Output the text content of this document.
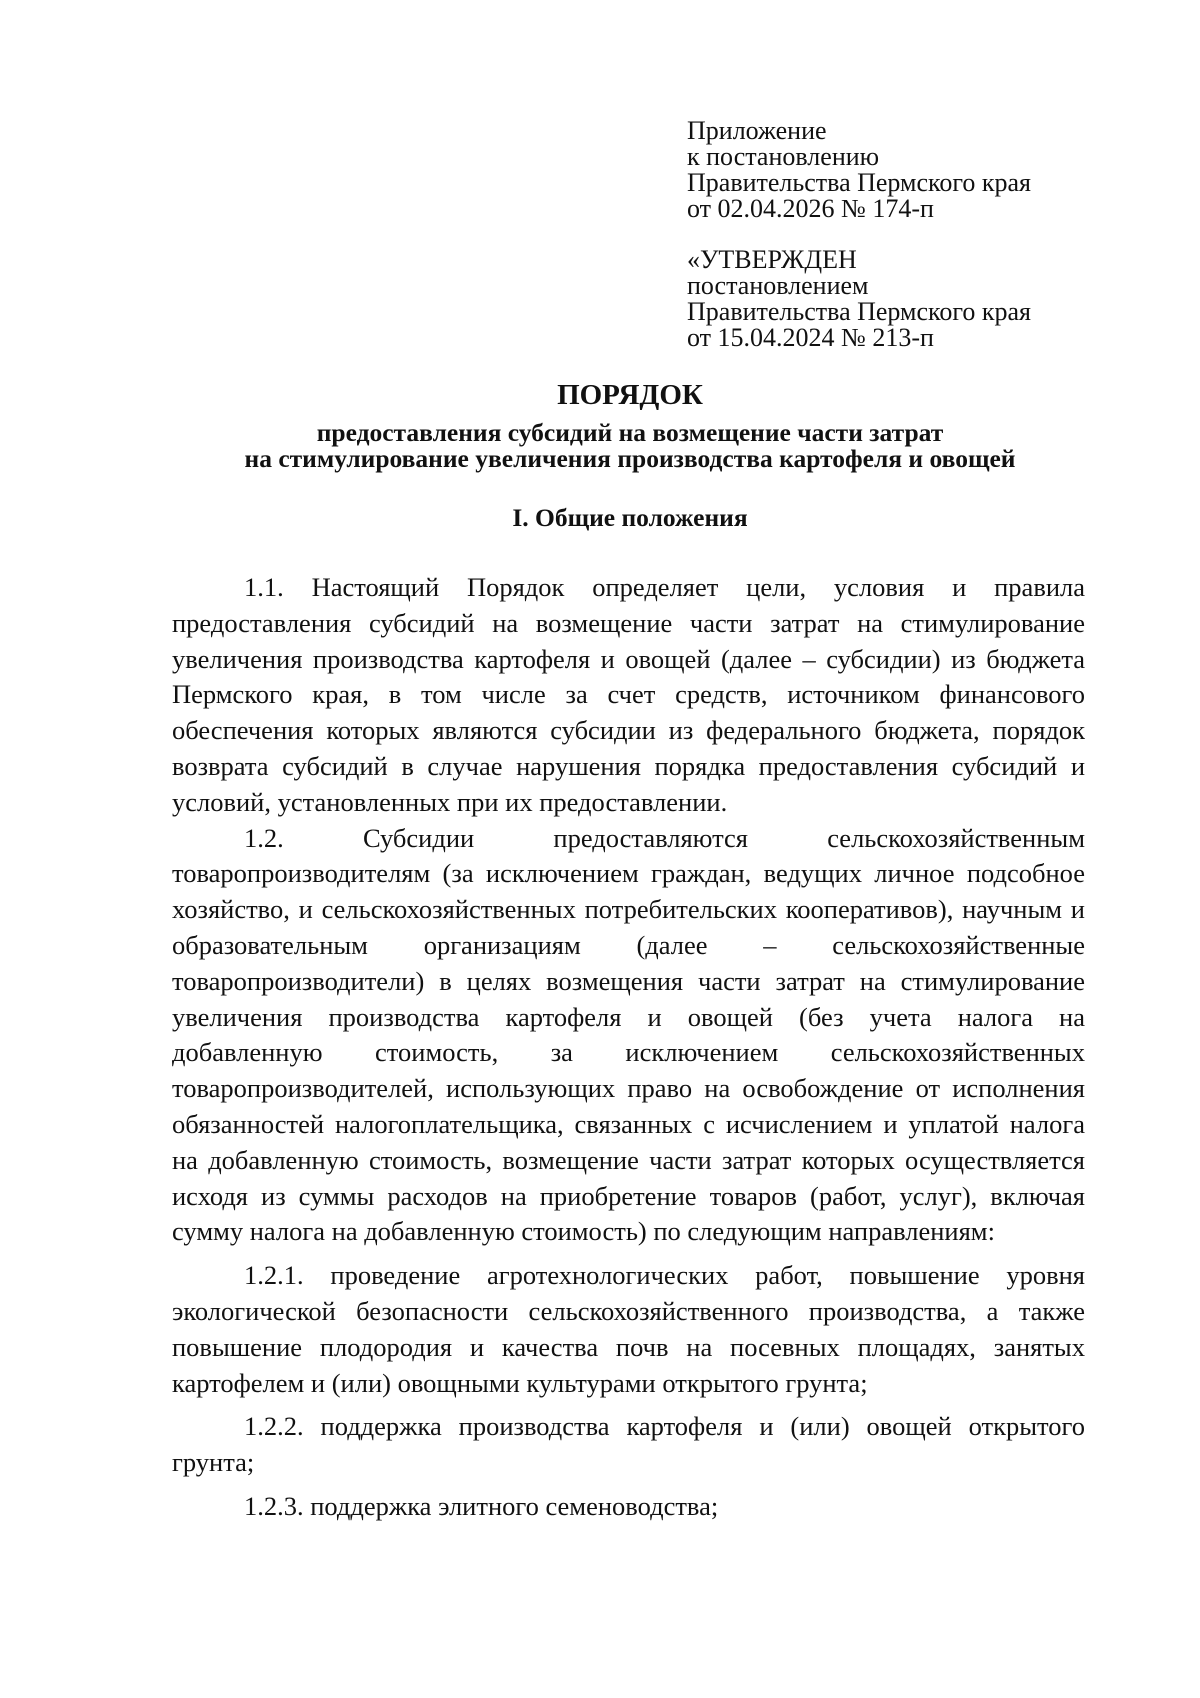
Приложение
к постановлению
Правительства Пермского края
от 02.04.2026 № 174-п
«УТВЕРЖДЕН
постановлением
Правительства Пермского края
от 15.04.2024 № 213-п
ПОРЯДОК
предоставления субсидий на возмещение части затрат
на стимулирование увеличения производства картофеля и овощей
I. Общие положения

1.1. Настоящий Порядок определяет цели, условия и правила предоставления субсидий на возмещение части затрат на стимулирование увеличения производства картофеля и овощей (далее – субсидии) из бюджета Пермского края, в том числе за счет средств, источником финансового обеспечения которых являются субсидии из федерального бюджета, порядок возврата субсидий в случае нарушения порядка предоставления субсидий и условий, установленных при их предоставлении.

1.2. Субсидии предоставляются сельскохозяйственным товаропроизводителям (за исключением граждан, ведущих личное подсобное хозяйство, и сельскохозяйственных потребительских кооперативов), научным и образовательным организациям (далее – сельскохозяйственные товаропроизводители) в целях возмещения части затрат на стимулирование увеличения производства картофеля и овощей (без учета налога на добавленную стоимость, за исключением сельскохозяйственных товаропроизводителей, использующих право на освобождение от исполнения обязанностей налогоплательщика, связанных с исчислением и уплатой налога на добавленную стоимость, возмещение части затрат которых осуществляется исходя из суммы расходов на приобретение товаров (работ, услуг), включая сумму налога на добавленную стоимость) по следующим направлениям:

1.2.1. проведение агротехнологических работ, повышение уровня экологической безопасности сельскохозяйственного производства, а также повышение плодородия и качества почв на посевных площадях, занятых картофелем и (или) овощными культурами открытого грунта;

1.2.2. поддержка производства картофеля и (или) овощей открытого грунта;

1.2.3. поддержка элитного семеноводства;
